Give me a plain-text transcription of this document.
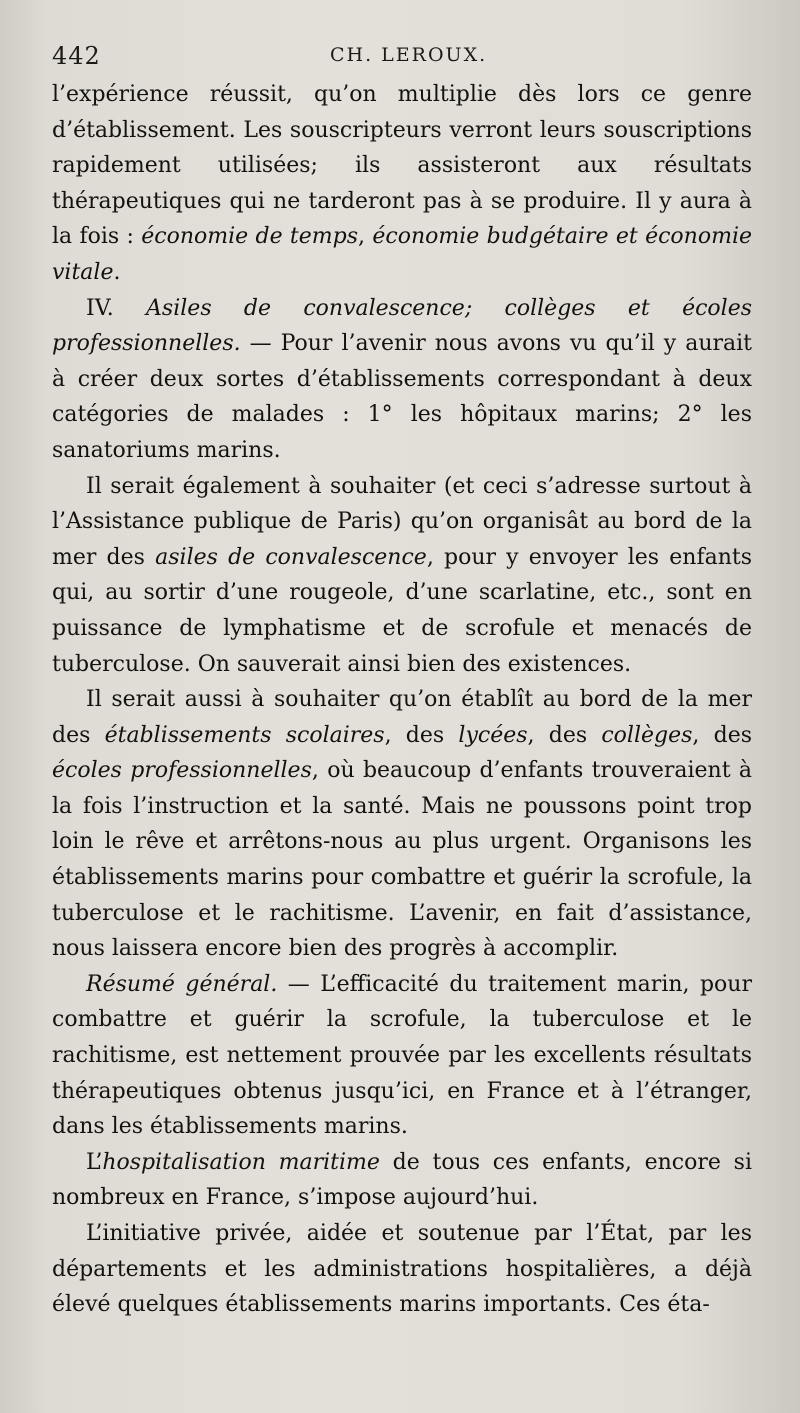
442	CH. LEROUX.

l’expérience réussit, qu’on multiplie dès lors ce genre d’établissement. Les souscripteurs verront leurs souscriptions rapidement utilisées; ils assisteront aux résultats thérapeutiques qui ne tarderont pas à se produire. Il y aura à la fois : économie de temps, économie budgétaire et économie vitale.

IV. Asiles de convalescence; collèges et écoles professionnelles. — Pour l’avenir nous avons vu qu’il y aurait à créer deux sortes d’établissements correspondant à deux catégories de malades : 1° les hôpitaux marins; 2° les sanatoriums marins.

Il serait également à souhaiter (et ceci s’adresse surtout à l’Assistance publique de Paris) qu’on organisât au bord de la mer des asiles de convalescence, pour y envoyer les enfants qui, au sortir d’une rougeole, d’une scarlatine, etc., sont en puissance de lymphatisme et de scrofule et menacés de tuberculose. On sauverait ainsi bien des existences.

Il serait aussi à souhaiter qu’on établît au bord de la mer des établissements scolaires, des lycées, des collèges, des écoles professionnelles, où beaucoup d’enfants trouveraient à la fois l’instruction et la santé. Mais ne poussons point trop loin le rêve et arrêtons-nous au plus urgent. Organisons les établissements marins pour combattre et guérir la scrofule, la tuberculose et le rachitisme. L’avenir, en fait d’assistance, nous laissera encore bien des progrès à accomplir.

Résumé général. — L’efficacité du traitement marin, pour combattre et guérir la scrofule, la tuberculose et le rachitisme, est nettement prouvée par les excellents résultats thérapeutiques obtenus jusqu’ici, en France et à l’étranger, dans les établissements marins.

L’hospitalisation maritime de tous ces enfants, encore si nombreux en France, s’impose aujourd’hui.

L’initiative privée, aidée et soutenue par l’État, par les départements et les administrations hospitalières, a déjà élevé quelques établissements marins importants. Ces éta-
